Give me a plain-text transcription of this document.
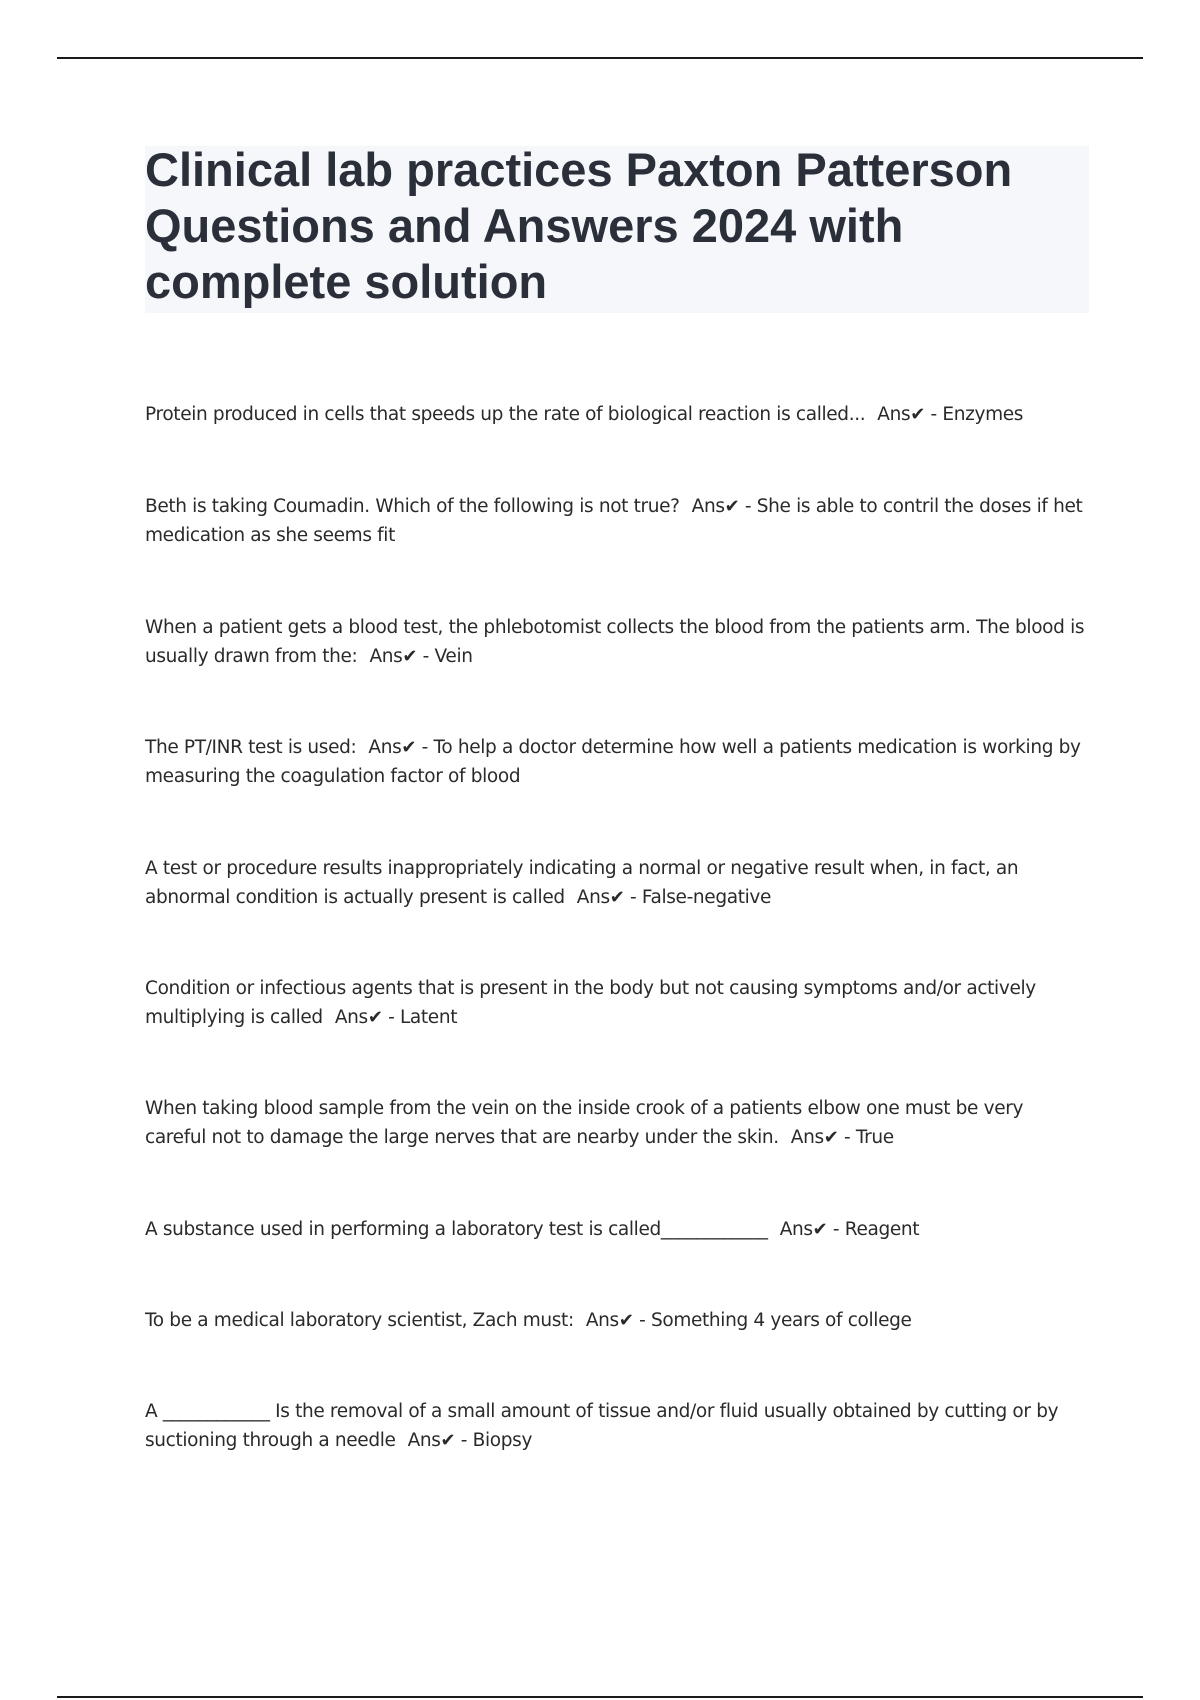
Clinical lab practices Paxton Patterson Questions and Answers 2024 with complete solution
Protein produced in cells that speeds up the rate of biological reaction is called... Ans✔ - Enzymes
Beth is taking Coumadin. Which of the following is not true? Ans✔ - She is able to contril the doses if het medication as she seems fit
When a patient gets a blood test, the phlebotomist collects the blood from the patients arm. The blood is usually drawn from the: Ans✔ - Vein
The PT/INR test is used: Ans✔ - To help a doctor determine how well a patients medication is working by measuring the coagulation factor of blood
A test or procedure results inappropriately indicating a normal or negative result when, in fact, an abnormal condition is actually present is called Ans✔ - False-negative
Condition or infectious agents that is present in the body but not causing symptoms and/or actively multiplying is called Ans✔ - Latent
When taking blood sample from the vein on the inside crook of a patients elbow one must be very careful not to damage the large nerves that are nearby under the skin. Ans✔ - True
A substance used in performing a laboratory test is called____________ Ans✔ - Reagent
To be a medical laboratory scientist, Zach must: Ans✔ - Something 4 years of college
A ____________ Is the removal of a small amount of tissue and/or fluid usually obtained by cutting or by suctioning through a needle Ans✔ - Biopsy
